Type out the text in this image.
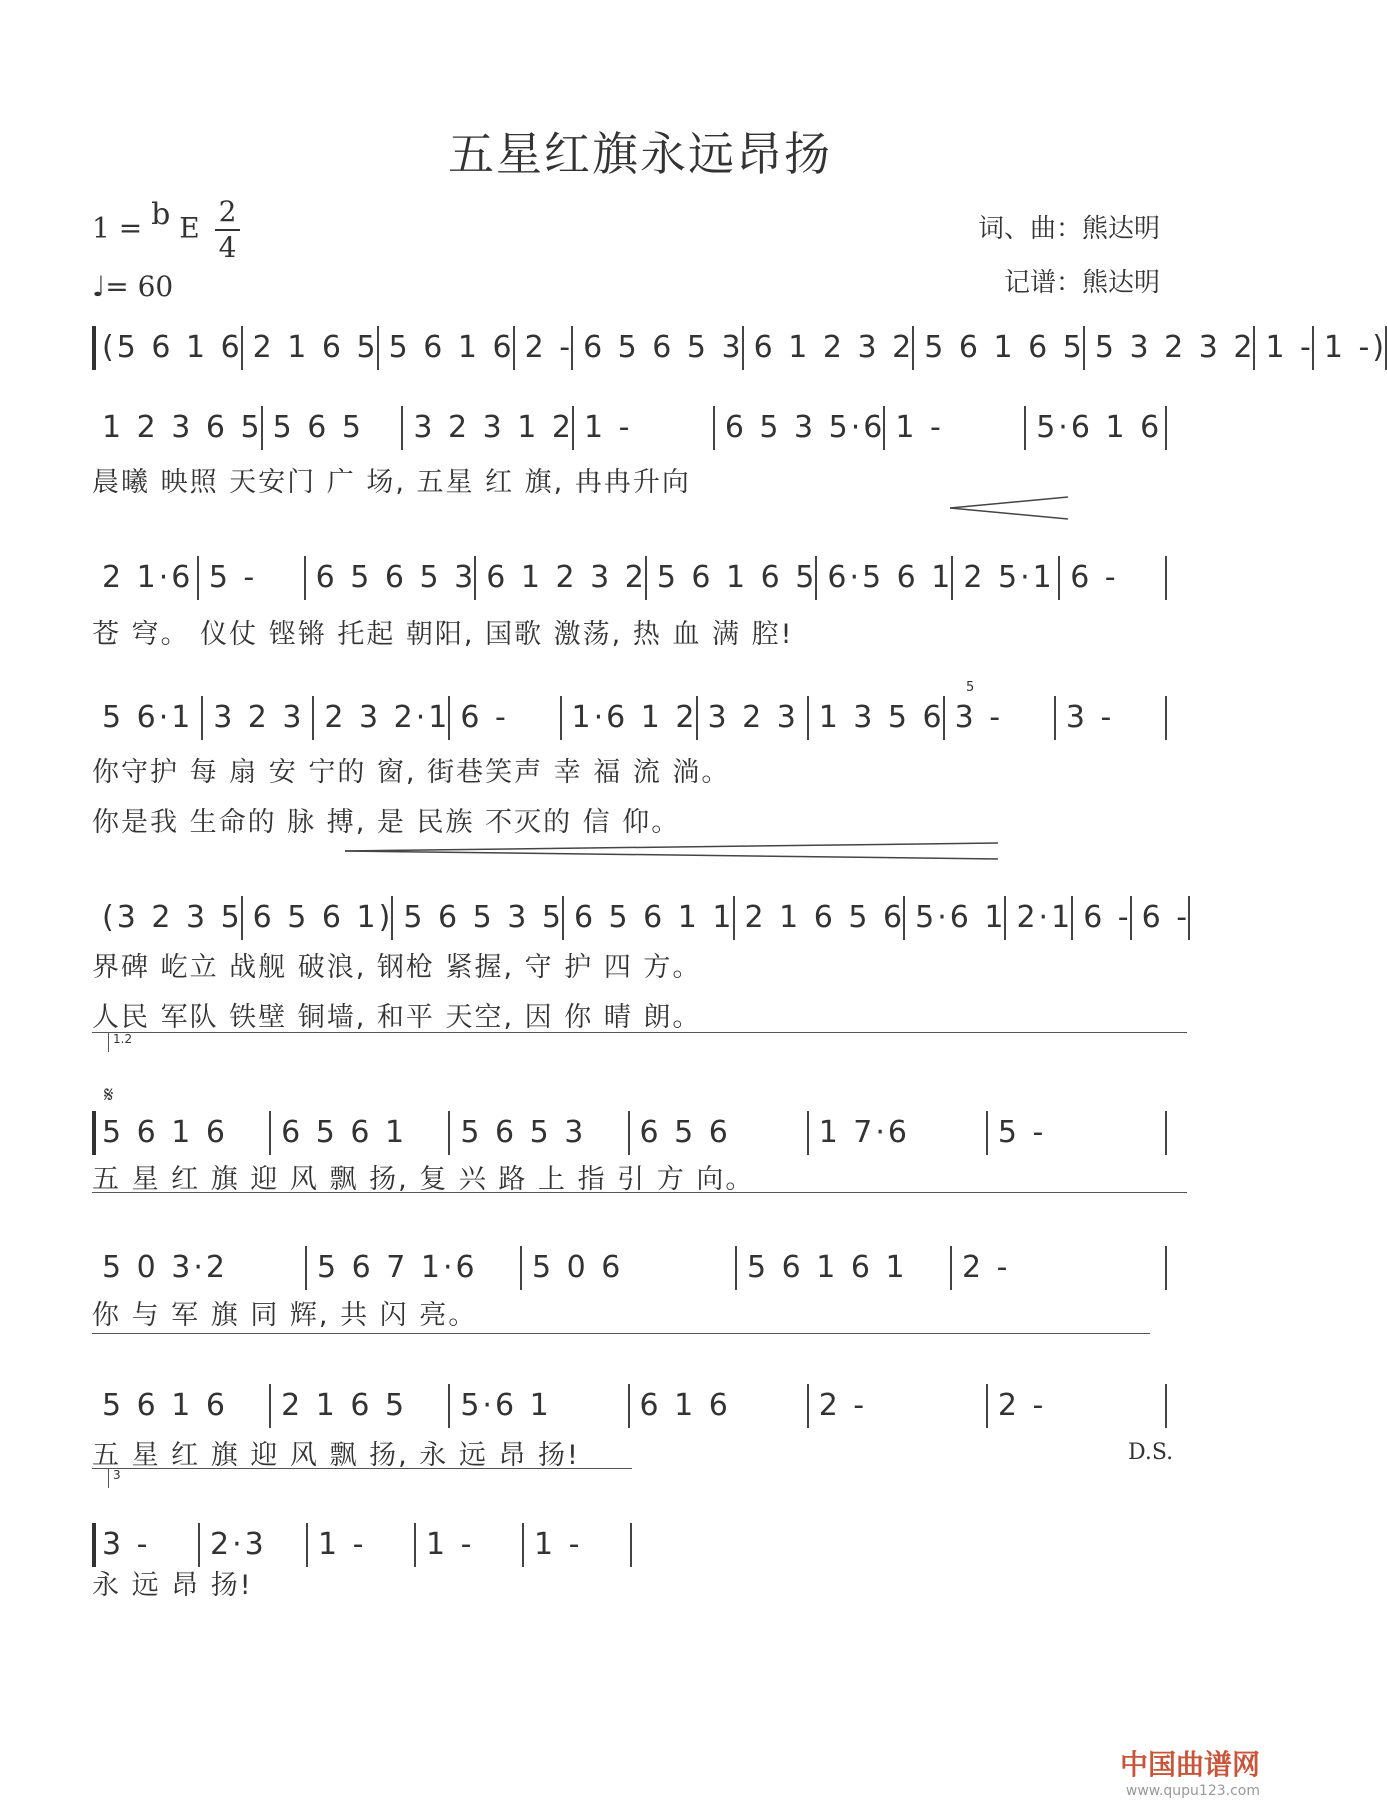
五星红旗永远昂扬
1 = b E $\frac{2}{4}$
♩= 60
词、曲：熊达明
记谱：熊达明
(5 6 1 6 2 1 6 5 5 6 1 6 2 - 6 5 6 5 3 6 1 2 3 2 5 6 1 6 5 5 3 2 3 2 1 - 1 -)
1 2 3 6 5 5 6 5	3 2 3 1 2 1 -	6 5 3 5·6 1 -	5·6 1 6
晨曦 映照 天安门 广 场, 五星 红 旗, 冉冉升向
2 1·6 5 -	6 5 6 5 3 6 1 2 3 2 5 6 1 6 5 6·5 6 1 2 5·1 6 -
苍 穹。 仪仗 铿锵 托起 朝阳, 国歌 激荡, 热 血 满 腔!
5 6·1 3 2 3 2 3 2·1 6 -	1·6 1 2 3 2 3 1 3 5 6 3 -	3 -
5
你守护 每 扇 安 宁的 窗, 街巷笑声 幸 福 流 淌。
你是我 生命的 脉 搏, 是 民族 不灭的 信 仰。
(3 2 3 5 6 5 6 1) 5 6 5 3 5 6 5 6 1 1 2 1 6 5 6 5·6 1 2·1 6 - 6 -
界碑 屹立 战舰 破浪, 钢枪 紧握, 守 护 四 方。
人民 军队 铁壁 铜墙, 和平 天空, 因 你 晴 朗。
1.2
𝄋
5 6 1 6	6 5 6 1	5 6 5 3	6 5 6	1 7·6	5 -
五 星 红 旗 迎 风 飘 扬, 复 兴 路 上 指 引 方 向。
5 0 3·2	5 6 7 1·6	5 0 6	5 6 1 6 1	2 -
你 与 军 旗 同 辉, 共 闪 亮。
5 6 1 6	2 1 6 5	5·6 1	6 1 6	2 -	2 -
五 星 红 旗 迎 风 飘 扬, 永 远 昂 扬!	D.S.
3
3 -	2·3	1 -	1 -	1 -
永 远 昂 扬!
中国曲谱网
www.qupu123.com
